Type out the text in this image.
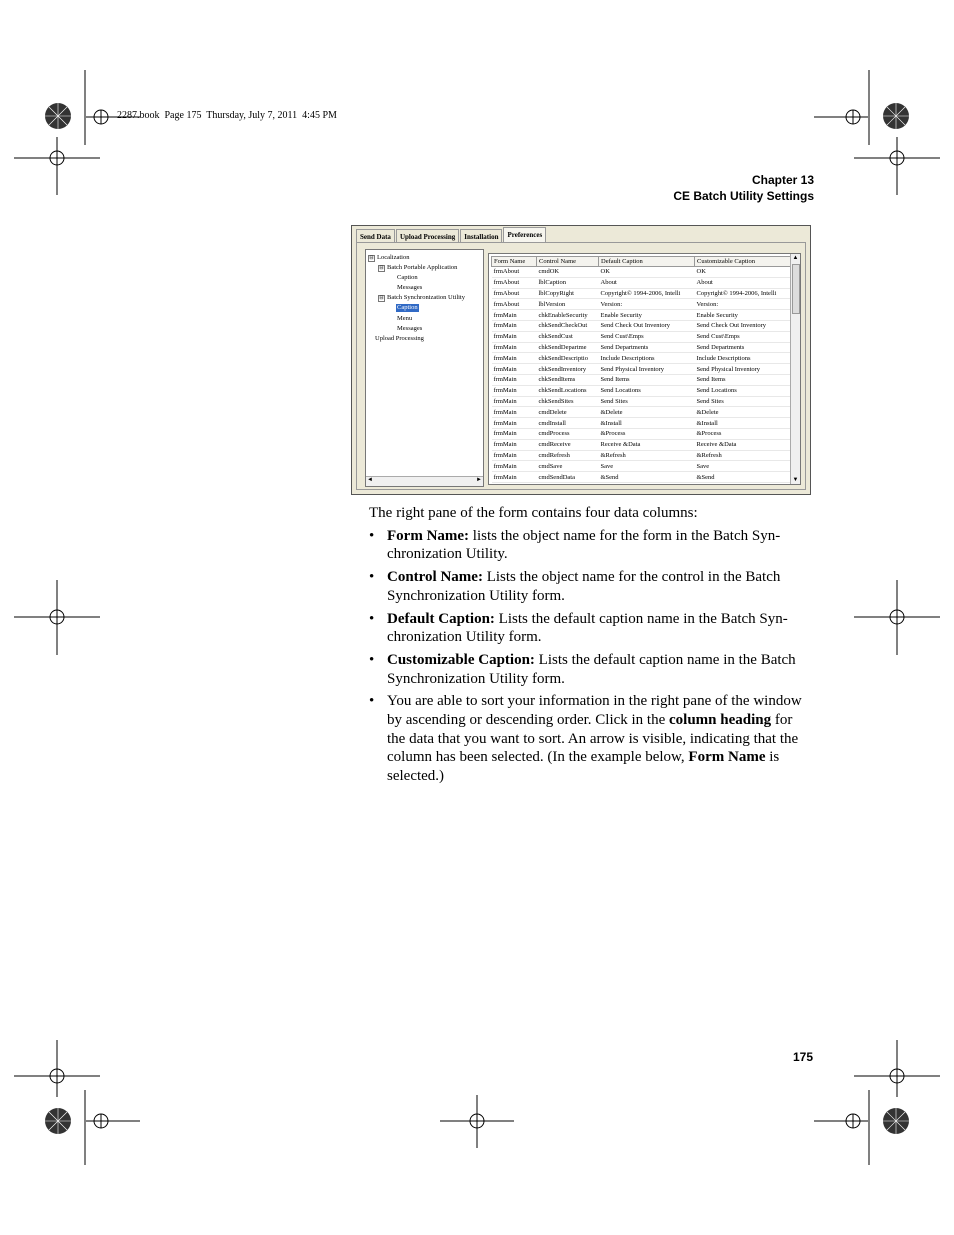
2287.book  Page 175  Thursday, July 7, 2011  4:45 PM
Chapter 13
CE Batch Utility Settings
Send Data	Upload Processing	Installation	Preferences
⊟ Localization
⊟ Batch Portable Application
Caption
Messages
⊟ Batch Synchronization Utility
Caption
Menu
Messages
Upload Processing
◄	►
Form Name	Control Name	Default Caption	Customizable Caption
frmAbout	cmdOK	OK	OK
frmAbout	lblCaption	About	About
frmAbout	lblCopyRight	Copyright© 1994-2006, Intelli	Copyright© 1994-2006, Intelli
frmAbout	lblVersion	Version:	Version:
frmMain	chkEnableSecurity	Enable Security	Enable Security
frmMain	chkSendCheckOut	Send Check Out Inventory	Send Check Out Inventory
frmMain	chkSendCust	Send Cust\Emps	Send Cust\Emps
frmMain	chkSendDepartme	Send Departments	Send Departments
frmMain	chkSendDescriptio	Include Descriptions	Include Descriptions
frmMain	chkSendInventory	Send Physical Inventory	Send Physical Inventory
frmMain	chkSendItems	Send Items	Send Items
frmMain	chkSendLocations	Send Locations	Send Locations
frmMain	chkSendSites	Send Sites	Send Sites
frmMain	cmdDelete	&Delete	&Delete
frmMain	cmdInstall	&Install	&Install
frmMain	cmdProcess	&Process	&Process
frmMain	cmdReceive	Receive &Data	Receive &Data
frmMain	cmdRefresh	&Refresh	&Refresh
frmMain	cmdSave	Save	Save
frmMain	cmdSendData	&Send	&Send
▲
▼

The right pane of the form contains four data columns:

• Form Name: lists the object name for the form in the Batch Syn-chronization Utility.
• Control Name: Lists the object name for the control in the Batch Synchronization Utility form.
• Default Caption: Lists the default caption name in the Batch Syn-chronization Utility form.
• Customizable Caption: Lists the default caption name in the Batch Synchronization Utility form.
• You are able to sort your information in the right pane of the window by ascending or descending order. Click in the column heading for the data that you want to sort. An arrow is visible, indicating that the column has been selected. (In the example below, Form Name is selected.)
175
